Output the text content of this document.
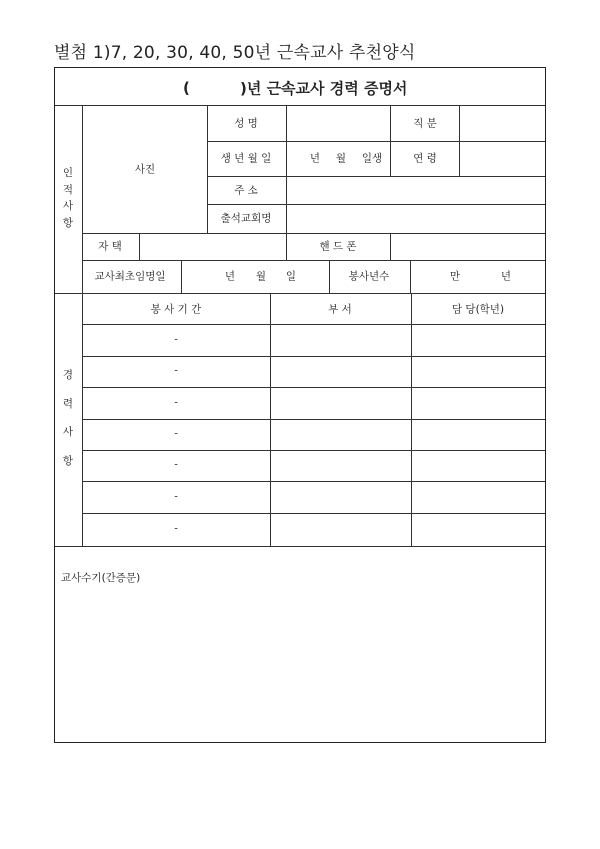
별첨 1)7, 20, 30, 40, 50년 근속교사 추천양식
(	)년 근속교사 경력 증명서
인
적
사
항
사진
성 명	직 분
생 년 월 일	년 월 일생	연 령
주 소
출석교회명
자 택	핸 드 폰
교사최초임명일	년 월 일	봉사년수	만	년
경
력
사
항
봉 사 기 간	부 서	담 당(학년)
-
-
-
-
-
-
-
교사수기(간증문)
